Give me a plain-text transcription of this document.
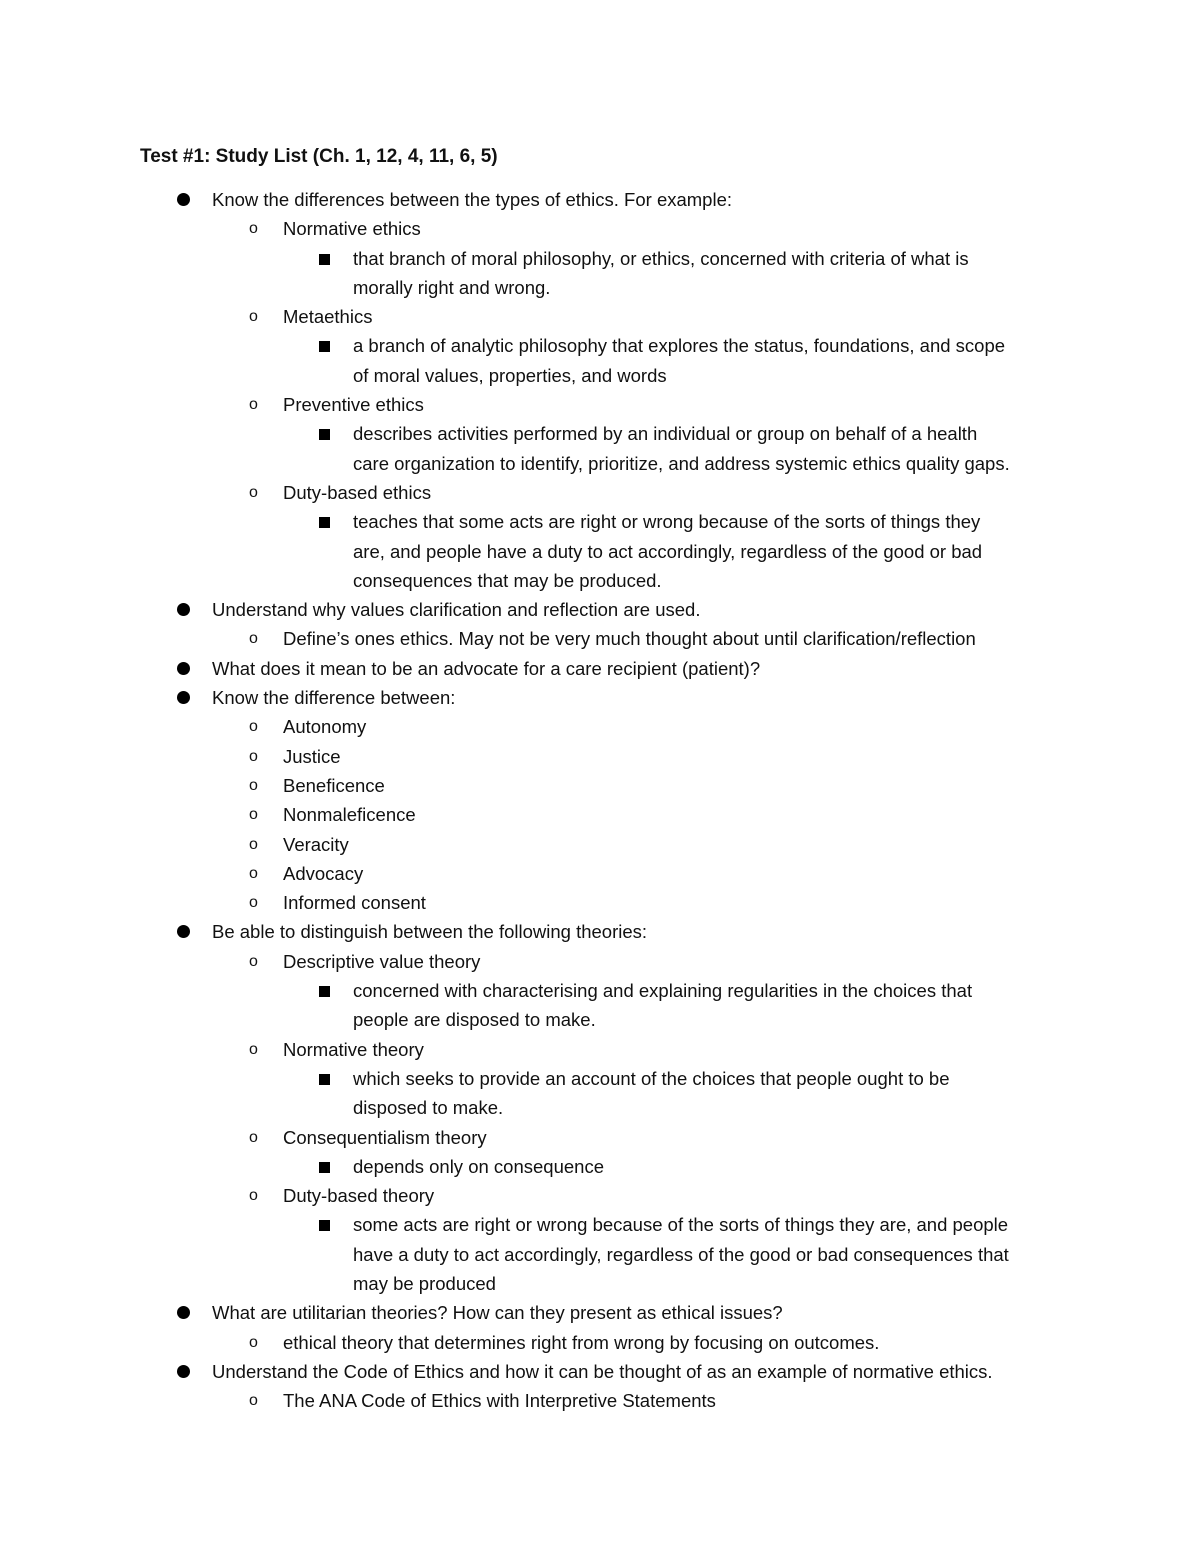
Test #1: Study List (Ch. 1, 12, 4, 11, 6, 5)
Know the differences between the types of ethics. For example:
o Normative ethics
that branch of moral philosophy, or ethics, concerned with criteria of what is
morally right and wrong.
o Metaethics
a branch of analytic philosophy that explores the status, foundations, and scope
of moral values, properties, and words
o Preventive ethics
describes activities performed by an individual or group on behalf of a health
care organization to identify, prioritize, and address systemic ethics quality gaps.
o Duty-based ethics
teaches that some acts are right or wrong because of the sorts of things they
are, and people have a duty to act accordingly, regardless of the good or bad
consequences that may be produced.
Understand why values clarification and reflection are used.
o Define’s ones ethics. May not be very much thought about until clarification/reflection
What does it mean to be an advocate for a care recipient (patient)?
Know the difference between:
o Autonomy
o Justice
o Beneficence
o Nonmaleficence
o Veracity
o Advocacy
o Informed consent
Be able to distinguish between the following theories:
o Descriptive value theory
concerned with characterising and explaining regularities in the choices that
people are disposed to make.
o Normative theory
which seeks to provide an account of the choices that people ought to be
disposed to make.
o Consequentialism theory
depends only on consequence
o Duty-based theory
some acts are right or wrong because of the sorts of things they are, and people
have a duty to act accordingly, regardless of the good or bad consequences that
may be produced
What are utilitarian theories? How can they present as ethical issues?
o ethical theory that determines right from wrong by focusing on outcomes.
Understand the Code of Ethics and how it can be thought of as an example of normative ethics.
o The ANA Code of Ethics with Interpretive Statements
